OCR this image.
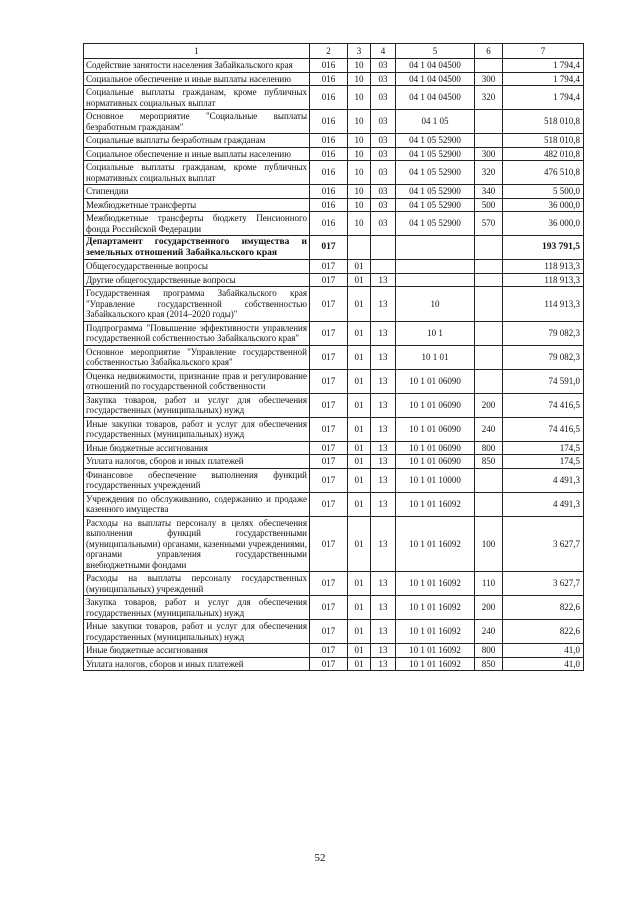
1	2	3	4	5	6	7
Содействие занятости населения Забайкальского края	016	10	03	04 1 04 04500		1 794,4
Социальное обеспечение и иные выплаты населению	016	10	03	04 1 04 04500	300	1 794,4
Социальные выплаты гражданам, кроме публичных нормативных социальных выплат	016	10	03	04 1 04 04500	320	1 794,4
Основное мероприятие "Социальные выплаты безработным гражданам"	016	10	03	04 1 05		518 010,8
Социальные выплаты безработным гражданам	016	10	03	04 1 05 52900		518 010,8
Социальное обеспечение и иные выплаты населению	016	10	03	04 1 05 52900	300	482 010,8
Социальные выплаты гражданам, кроме публичных нормативных социальных выплат	016	10	03	04 1 05 52900	320	476 510,8
Стипендии	016	10	03	04 1 05 52900	340	5 500,0
Межбюджетные трансферты	016	10	03	04 1 05 52900	500	36 000,0
Межбюджетные трансферты бюджету Пенсионного фонда Российской Федерации	016	10	03	04 1 05 52900	570	36 000,0
Департамент государственного имущества и земельных отношений Забайкальского края	017					193 791,5
Общегосударственные вопросы	017	01				118 913,3
Другие общегосударственные вопросы	017	01	13			118 913,3
Государственная программа Забайкальского края "Управление государственной собственностью Забайкальского края (2014–2020 годы)"	017	01	13	10		114 913,3
Подпрограмма "Повышение эффективности управления государственной собственностью Забайкальского края"	017	01	13	10 1		79 082,3
Основное мероприятие "Управление государственной собственностью Забайкальского края"	017	01	13	10 1 01		79 082,3
Оценка недвижимости, признание прав и регулирование отношений по государственной собственности	017	01	13	10 1 01 06090		74 591,0
Закупка товаров, работ и услуг для обеспечения государственных (муниципальных) нужд	017	01	13	10 1 01 06090	200	74 416,5
Иные закупки товаров, работ и услуг для обеспечения государственных (муниципальных) нужд	017	01	13	10 1 01 06090	240	74 416,5
Иные бюджетные ассигнования	017	01	13	10 1 01 06090	800	174,5
Уплата налогов, сборов и иных платежей	017	01	13	10 1 01 06090	850	174,5
Финансовое обеспечение выполнения функций государственных учреждений	017	01	13	10 1 01 10000		4 491,3
Учреждения по обслуживанию, содержанию и продаже казенного имущества	017	01	13	10 1 01 16092		4 491,3
Расходы на выплаты персоналу в целях обеспечения выполнения функций государственными (муниципальными) органами, казенными учреждениями, органами управления государственными внебюджетными фондами	017	01	13	10 1 01 16092	100	3 627,7
Расходы на выплаты персоналу государственных (муниципальных) учреждений	017	01	13	10 1 01 16092	110	3 627,7
Закупка товаров, работ и услуг для обеспечения государственных (муниципальных) нужд	017	01	13	10 1 01 16092	200	822,6
Иные закупки товаров, работ и услуг для обеспечения государственных (муниципальных) нужд	017	01	13	10 1 01 16092	240	822,6
Иные бюджетные ассигнования	017	01	13	10 1 01 16092	800	41,0
Уплата налогов, сборов и иных платежей	017	01	13	10 1 01 16092	850	41,0
52
